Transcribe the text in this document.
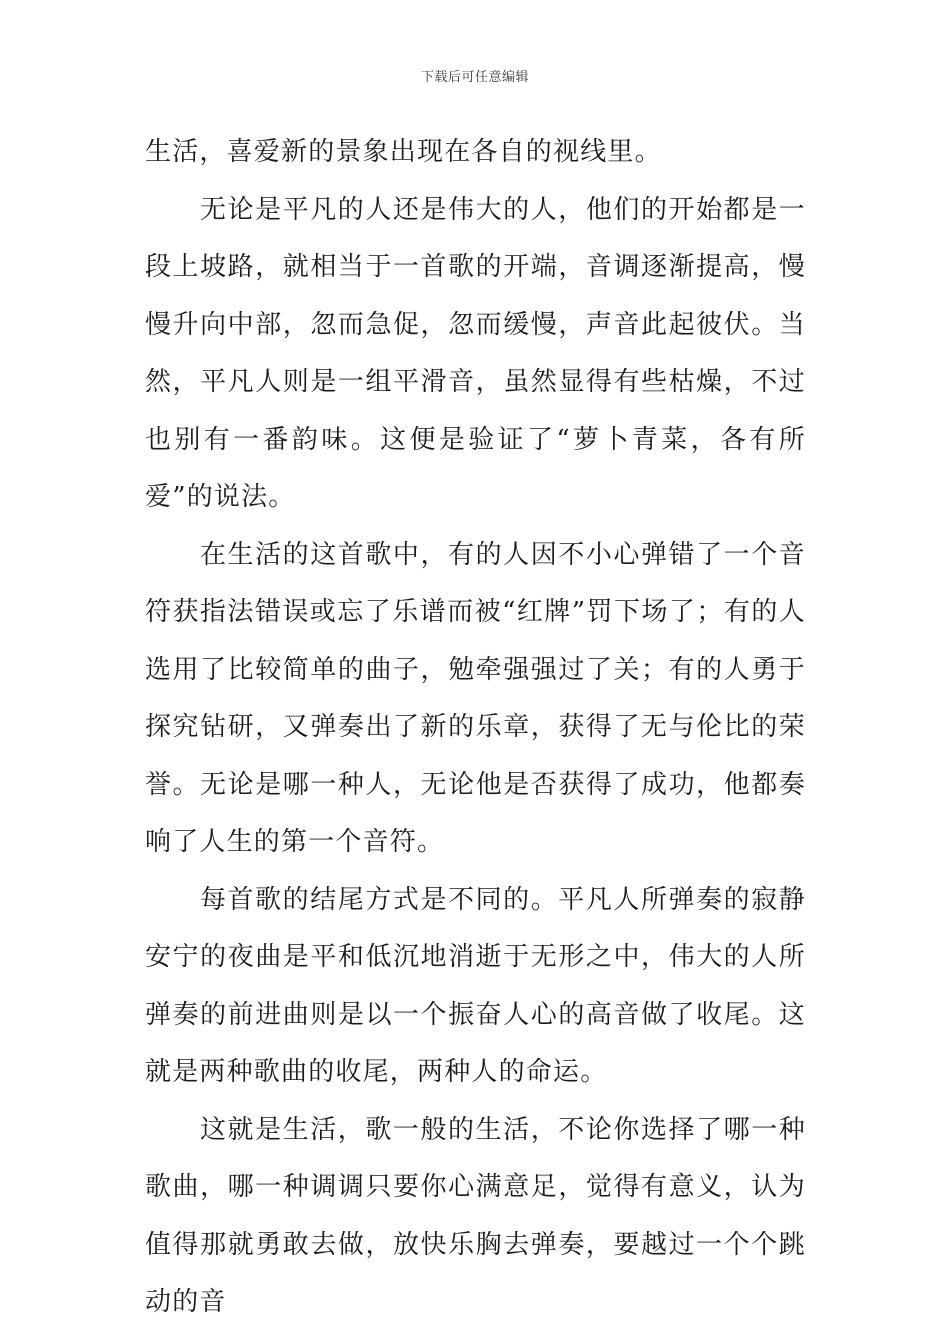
下载后可任意编辑

生活，喜爱新的景象出现在各自的视线里。

无论是平凡的人还是伟大的人，他们的开始都是一段上坡路，就相当于一首歌的开端，音调逐渐提高，慢慢升向中部，忽而急促，忽而缓慢，声音此起彼伏。当然，平凡人则是一组平滑音，虽然显得有些枯燥，不过也别有一番韵味。这便是验证了“萝卜青菜，各有所爱”的说法。

在生活的这首歌中，有的人因不小心弹错了一个音符获指法错误或忘了乐谱而被“红牌”罚下场了；有的人选用了比较简单的曲子，勉牵强强过了关；有的人勇于探究钻研，又弹奏出了新的乐章，获得了无与伦比的荣誉。无论是哪一种人，无论他是否获得了成功，他都奏响了人生的第一个音符。

每首歌的结尾方式是不同的。平凡人所弹奏的寂静安宁的夜曲是平和低沉地消逝于无形之中，伟大的人所弹奏的前进曲则是以一个振奋人心的高音做了收尾。这就是两种歌曲的收尾，两种人的命运。

这就是生活，歌一般的生活，不论你选择了哪一种歌曲，哪一种调调只要你心满意足，觉得有意义，认为值得那就勇敢去做，放快乐胸去弹奏，要越过一个个跳动的音
